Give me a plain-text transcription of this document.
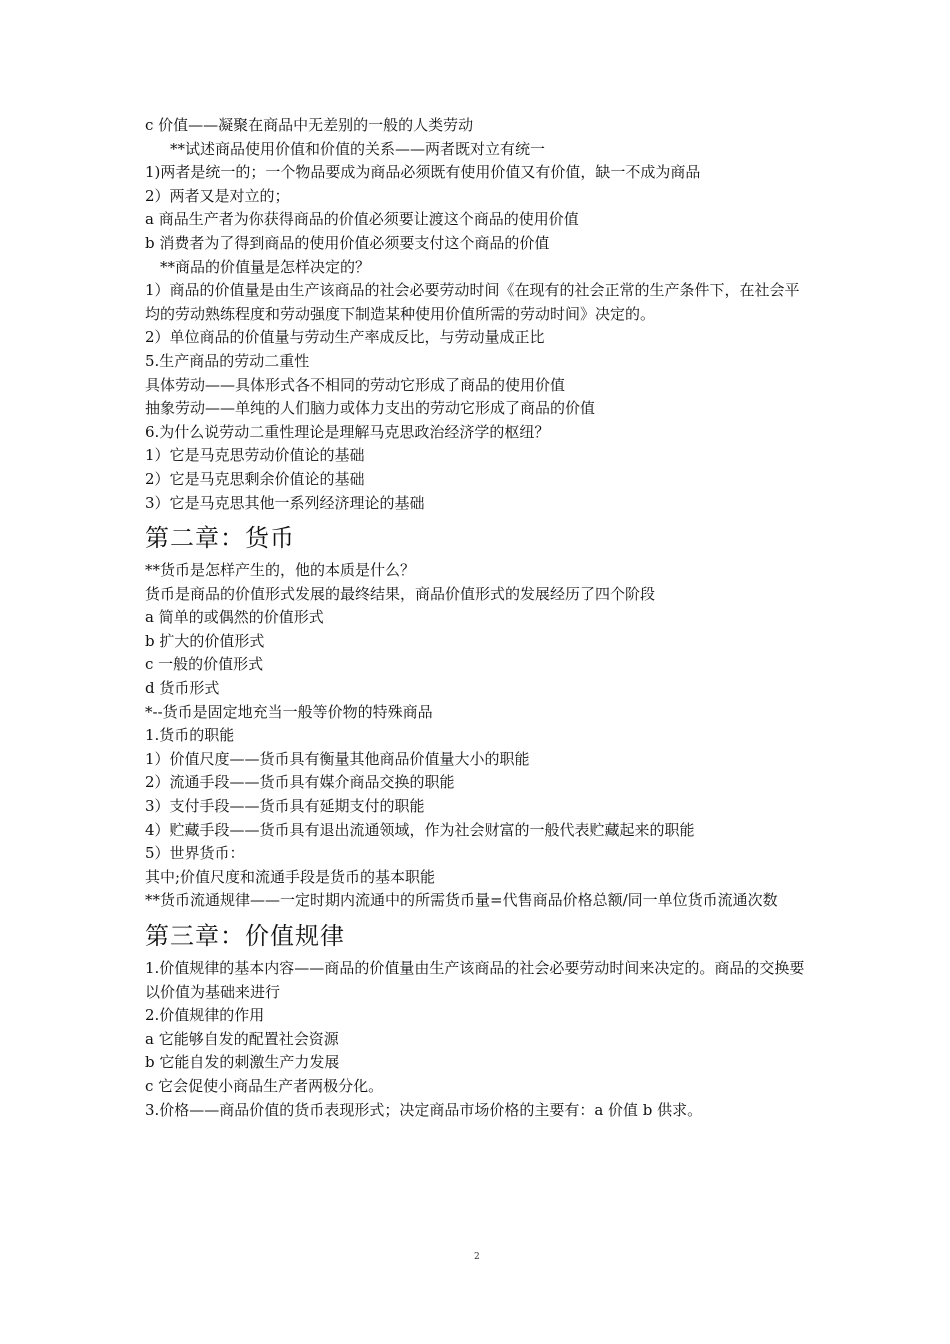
c 价值——凝聚在商品中无差别的一般的人类劳动

**试述商品使用价值和价值的关系——两者既对立有统一

1)两者是统一的；一个物品要成为商品必须既有使用价值又有价值，缺一不成为商品

2）两者又是对立的；

a 商品生产者为你获得商品的价值必须要让渡这个商品的使用价值

b 消费者为了得到商品的使用价值必须要支付这个商品的价值

**商品的价值量是怎样决定的？

1）商品的价值量是由生产该商品的社会必要劳动时间《在现有的社会正常的生产条件下，在社会平均的劳动熟练程度和劳动强度下制造某种使用价值所需的劳动时间》决定的。

2）单位商品的价值量与劳动生产率成反比，与劳动量成正比

5.生产商品的劳动二重性

具体劳动——具体形式各不相同的劳动它形成了商品的使用价值

抽象劳动——单纯的人们脑力或体力支出的劳动它形成了商品的价值

6.为什么说劳动二重性理论是理解马克思政治经济学的枢纽？

1）它是马克思劳动价值论的基础

2）它是马克思剩余价值论的基础

3）它是马克思其他一系列经济理论的基础

第二章：货币

**货币是怎样产生的，他的本质是什么？

货币是商品的价值形式发展的最终结果，商品价值形式的发展经历了四个阶段

a 简单的或偶然的价值形式

b 扩大的价值形式

c 一般的价值形式

d 货币形式

*--货币是固定地充当一般等价物的特殊商品

1.货币的职能

1）价值尺度——货币具有衡量其他商品价值量大小的职能

2）流通手段——货币具有媒介商品交换的职能

3）支付手段——货币具有延期支付的职能

4）贮藏手段——货币具有退出流通领域，作为社会财富的一般代表贮藏起来的职能

5）世界货币：

其中;价值尺度和流通手段是货币的基本职能

**货币流通规律——一定时期内流通中的所需货币量=代售商品价格总额/同一单位货币流通次数

第三章：价值规律

1.价值规律的基本内容——商品的价值量由生产该商品的社会必要劳动时间来决定的。商品的交换要以价值为基础来进行

2.价值规律的作用

a 它能够自发的配置社会资源

b 它能自发的刺激生产力发展

c 它会促使小商品生产者两极分化。

3.价格——商品价值的货币表现形式；决定商品市场价格的主要有：a 价值 b 供求。

2
